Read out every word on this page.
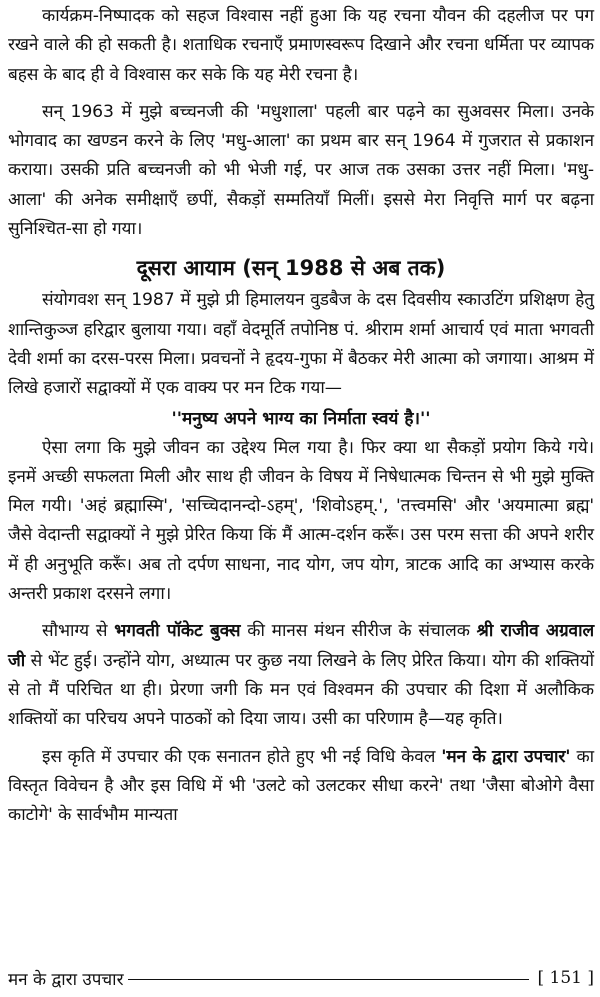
कार्यक्रम-निष्पादक को सहज विश्वास नहीं हुआ कि यह रचना यौवन की दहलीज पर पग रखने वाले की हो सकती है। शताधिक रचनाएँ प्रमाणस्वरूप दिखाने और रचना धर्मिता पर व्यापक बहस के बाद ही वे विश्वास कर सके कि यह मेरी रचना है।

सन् 1963 में मुझे बच्चनजी की 'मधुशाला' पहली बार पढ़ने का सुअवसर मिला। उनके भोगवाद का खण्डन करने के लिए 'मधु-आला' का प्रथम बार सन् 1964 में गुजरात से प्रकाशन कराया। उसकी प्रति बच्चनजी को भी भेजी गई, पर आज तक उसका उत्तर नहीं मिला। 'मधु-आला' की अनेक समीक्षाएँ छपीं, सैकड़ों सम्मतियाँ मिलीं। इससे मेरा निवृत्ति मार्ग पर बढ़ना सुनिश्चित-सा हो गया।

दूसरा आयाम (सन् 1988 से अब तक)

संयोगवश सन् 1987 में मुझे प्री हिमालयन वुडबैज के दस दिवसीय स्काउटिंग प्रशिक्षण हेतु शान्तिकुञ्ज हरिद्वार बुलाया गया। वहाँ वेदमूर्ति तपोनिष्ठ पं. श्रीराम शर्मा आचार्य एवं माता भगवती देवी शर्मा का दरस-परस मिला। प्रवचनों ने हृदय-गुफा में बैठकर मेरी आत्मा को जगाया। आश्रम में लिखे हजारों सद्वाक्यों में एक वाक्य पर मन टिक गया—

''मनुष्य अपने भाग्य का निर्माता स्वयं है।''

ऐसा लगा कि मुझे जीवन का उद्देश्य मिल गया है। फिर क्या था सैकड़ों प्रयोग किये गये। इनमें अच्छी सफलता मिली और साथ ही जीवन के विषय में निषेधात्मक चिन्तन से भी मुझे मुक्ति मिल गयी। 'अहं ब्रह्मास्मि', 'सच्चिदानन्दो-ऽहम्', 'शिवोऽहम्.', 'तत्त्वमसि' और 'अयमात्मा ब्रह्म' जैसे वेदान्ती सद्वाक्यों ने मुझे प्रेरित किया किं मैं आत्म-दर्शन करूँ। उस परम सत्ता की अपने शरीर में ही अनुभूति करूँ। अब तो दर्पण साधना, नाद योग, जप योग, त्राटक आदि का अभ्यास करके अन्तरी प्रकाश दरसने लगा।

सौभाग्य से भगवती पॉकेट बुक्स की मानस मंथन सीरीज के संचालक श्री राजीव अग्रवाल जी से भेंट हुई। उन्होंने योग, अध्यात्म पर कुछ नया लिखने के लिए प्रेरित किया। योग की शक्तियों से तो मैं परिचित था ही। प्रेरणा जगी कि मन एवं विश्वमन की उपचार की दिशा में अलौकिक शक्तियों का परिचय अपने पाठकों को दिया जाय। उसी का परिणाम है—यह कृति।

इस कृति में उपचार की एक सनातन होते हुए भी नई विधि केवल 'मन के द्वारा उपचार' का विस्तृत विवेचन है और इस विधि में भी 'उलटे को उलटकर सीधा करने' तथा 'जैसा बोओगे वैसा काटोगे' के सार्वभौम मान्यता

मन के द्वारा उपचार	[ 151 ]
